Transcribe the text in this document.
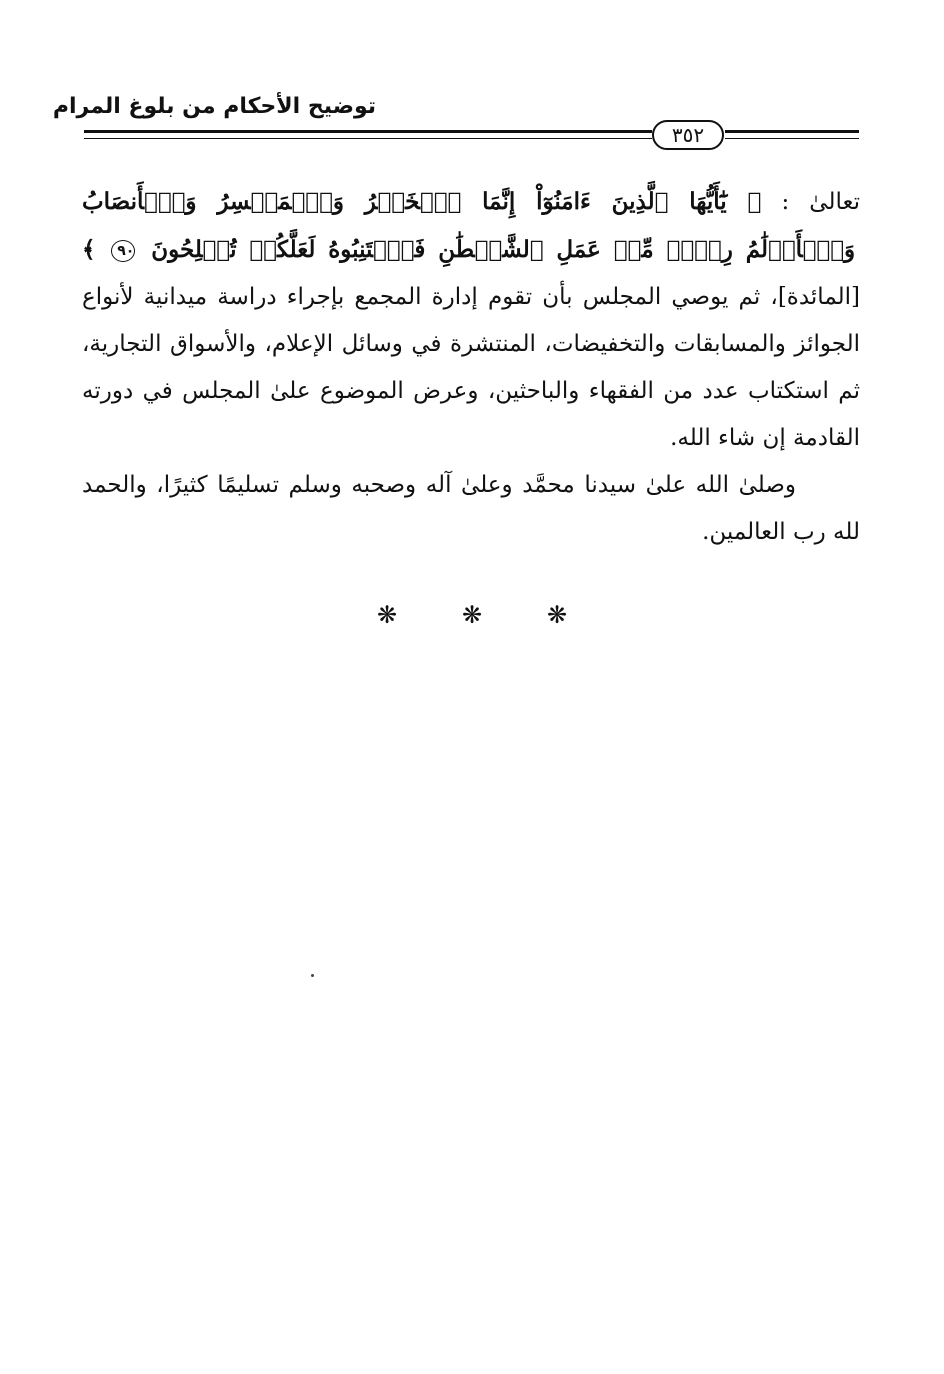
توضيح الأحكام من بلوغ المرام
٣٥٢

تعالىٰ : ﴿ يَٰٓأَيُّهَا ٱلَّذِينَ ءَامَنُوٓاْ إِنَّمَا ٱلۡخَمۡرُ وَٱلۡمَيۡسِرُ وَٱلۡأَنصَابُ وَٱلۡأَزۡلَٰمُ رِجۡسٞ مِّنۡ عَمَلِ ٱلشَّيۡطَٰنِ فَٱجۡتَنِبُوهُ لَعَلَّكُمۡ تُفۡلِحُونَ ٩٠ ﴾ [المائدة]، ثم يوصي المجلس بأن تقوم إدارة المجمع بإجراء دراسة ميدانية لأنواع الجوائز والمسابقات والتخفيضات، المنتشرة في وسائل الإعلام، والأسواق التجارية، ثم استكتاب عدد من الفقهاء والباحثين، وعرض الموضوع علىٰ المجلس في دورته القادمة إن شاء الله.

وصلىٰ الله علىٰ سيدنا محمَّد وعلىٰ آله وصحبه وسلم تسليمًا كثيرًا، والحمد لله رب العالمين.

❋	❋	❋
